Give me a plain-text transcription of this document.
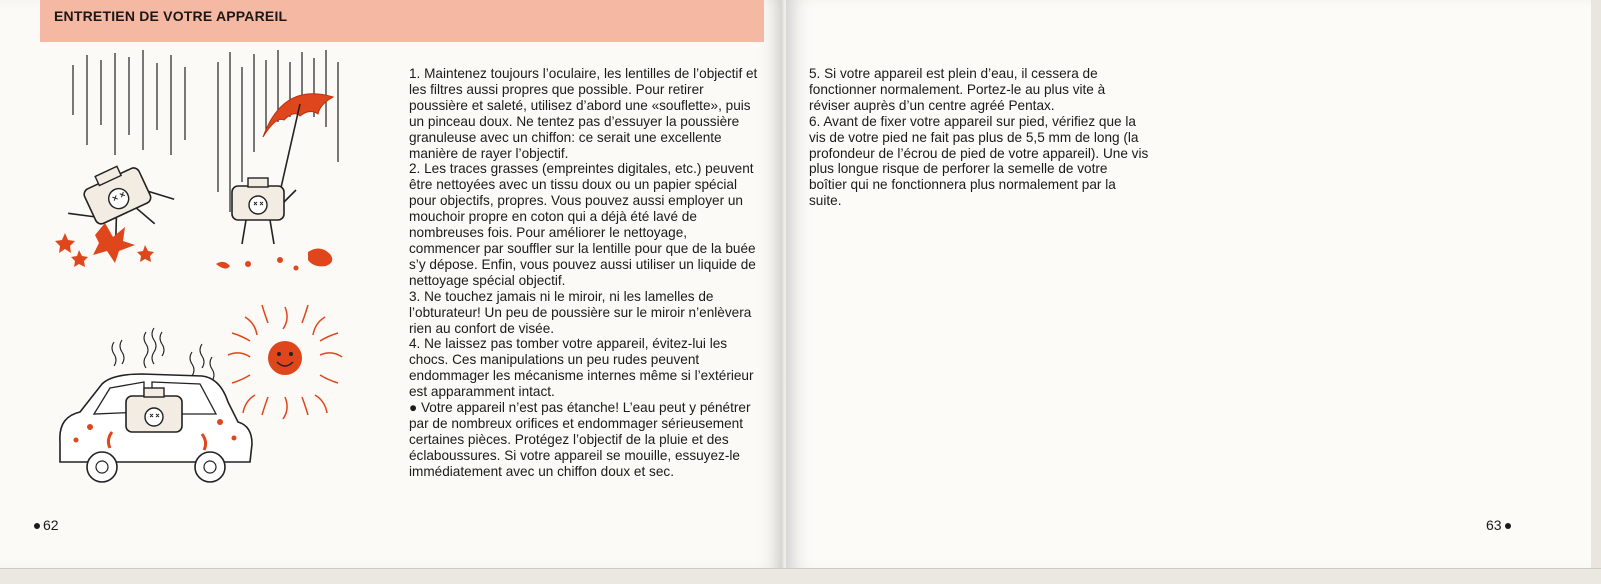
ENTRETIEN DE VOTRE APPAREIL

1. Maintenez toujours l’oculaire, les lentilles de l’objectif et les filtres aussi propres que possible. Pour retirer poussière et saleté, utilisez d’abord une «souflette», puis un pinceau doux. Ne tentez pas d’essuyer la poussière granuleuse avec un chiffon: ce serait une excellente manière de rayer l’objectif.

2. Les traces grasses (empreintes digitales, etc.) peuvent être nettoyées avec un tissu doux ou un papier spécial pour objectifs, propres. Vous pouvez aussi employer un mouchoir propre en coton qui a déjà été lavé de nombreuses fois. Pour améliorer le nettoyage, commencer par souffler sur la lentille pour que de la buée s’y dépose. Enfin, vous pouvez aussi utiliser un liquide de nettoyage spécial objectif.

3. Ne touchez jamais ni le miroir, ni les lamelles de l’obturateur! Un peu de poussière sur le miroir n’enlèvera rien au confort de visée.

4. Ne laissez pas tomber votre appareil, évitez-lui les chocs. Ces manipulations un peu rudes peuvent endommager les mécanisme internes même si l’extérieur est apparamment intact.

● Votre appareil n’est pas étanche! L’eau peut y pénétrer par de nombreux orifices et endommager sérieusement certaines pièces. Protégez l’objectif de la pluie et des éclaboussures. Si votre appareil se mouille, essuyez-le immédiatement avec un chiffon doux et sec.

62

5. Si votre appareil est plein d’eau, il cessera de fonctionner normalement. Portez-le au plus vite à réviser auprès d’un centre agréé Pentax.

6. Avant de fixer votre appareil sur pied, vérifiez que la vis de votre pied ne fait pas plus de 5,5 mm de long (la profondeur de l’écrou de pied de votre appareil). Une vis plus longue risque de perforer la semelle de votre boîtier qui ne fonctionnera plus normalement par la suite.

63
